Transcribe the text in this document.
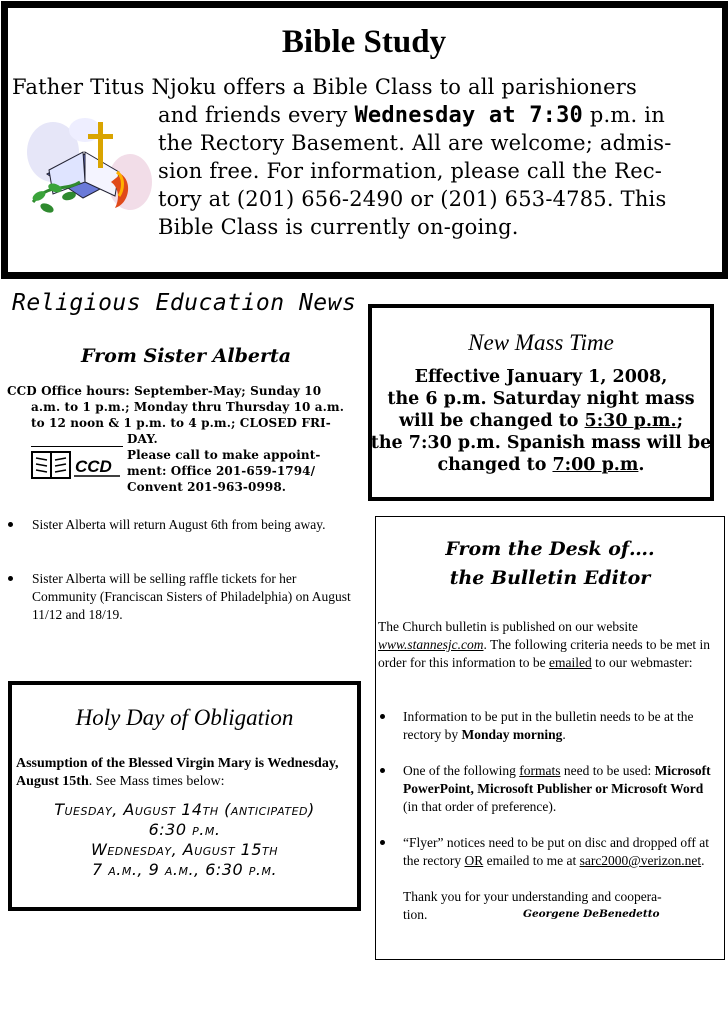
Bible Study
Father Titus Njoku offers a Bible Class to all parishioners
and friends every Wednesday at 7:30 p.m. in
the Rectory Basement. All are welcome; admis-
sion free. For information, please call the Rec-
tory at (201) 656-2490 or (201) 653-4785. This
Bible Class is currently on-going.
Religious Education News
From Sister Alberta
CCD Office hours: September-May; Sunday 10
a.m. to 1 p.m.; Monday thru Thursday 10 a.m.
to 12 noon & 1 p.m. to 4 p.m.; CLOSED FRI-
DAY.
Please call to make appoint-
ment: Office 201-659-1794/
Convent 201-963-0998.
CCD
Sister Alberta will return August 6th from being away.
Sister Alberta will be selling raffle tickets for her Community (Franciscan Sisters of Philadelphia) on August 11/12 and 18/19.
New Mass Time
Effective January 1, 2008,
the 6 p.m. Saturday night mass
will be changed to 5:30 p.m.;
the 7:30 p.m. Spanish mass will be
changed to 7:00 p.m.
From the Desk of….
the Bulletin Editor
The Church bulletin is published on our website www.stannesjc.com. The following criteria needs to be met in order for this information to be emailed to our webmaster:
Information to be put in the bulletin needs to be at the rectory by Monday morning.
One of the following formats need to be used: Microsoft PowerPoint, Microsoft Publisher or Microsoft Word (in that order of preference).
“Flyer” notices need to be put on disc and dropped off at the rectory OR emailed to me at sarc2000@verizon.net.
Thank you for your understanding and coopera-
tion.	Georgene DeBenedetto
Holy Day of Obligation
Assumption of the Blessed Virgin Mary is Wednesday, August 15th. See Mass times below:
Tuesday, August 14th (anticipated)
6:30 p.m.
Wednesday, August 15th
7 a.m., 9 a.m., 6:30 p.m.
